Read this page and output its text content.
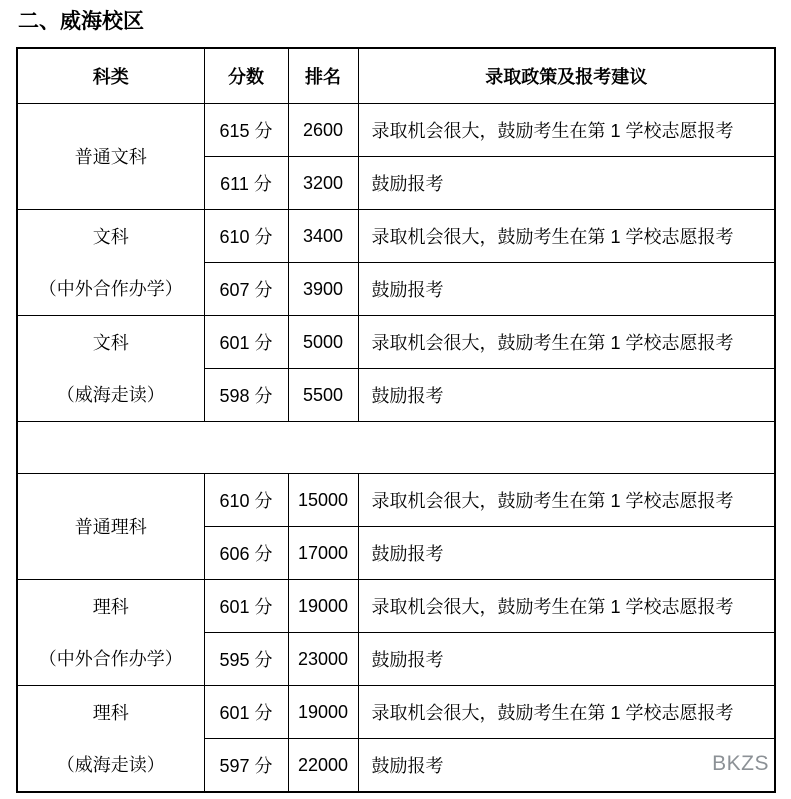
二、威海校区
科类	分数	排名	录取政策及报考建议

普通文科	615 分	2600	录取机会很大，鼓励考生在第 1 学校志愿报考
	611 分	3200	鼓励报考

文科
（中外合作办学）	610 分	3400	录取机会很大，鼓励考生在第 1 学校志愿报考
	607 分	3900	鼓励报考

文科
（威海走读）	601 分	5000	录取机会很大，鼓励考生在第 1 学校志愿报考
	598 分	5500	鼓励报考

普通理科	610 分	15000	录取机会很大，鼓励考生在第 1 学校志愿报考
	606 分	17000	鼓励报考

理科
（中外合作办学）	601 分	19000	录取机会很大，鼓励考生在第 1 学校志愿报考
	595 分	23000	鼓励报考

理科
（威海走读）	601 分	19000	录取机会很大，鼓励考生在第 1 学校志愿报考
	597 分	22000	鼓励报考	BKZS
